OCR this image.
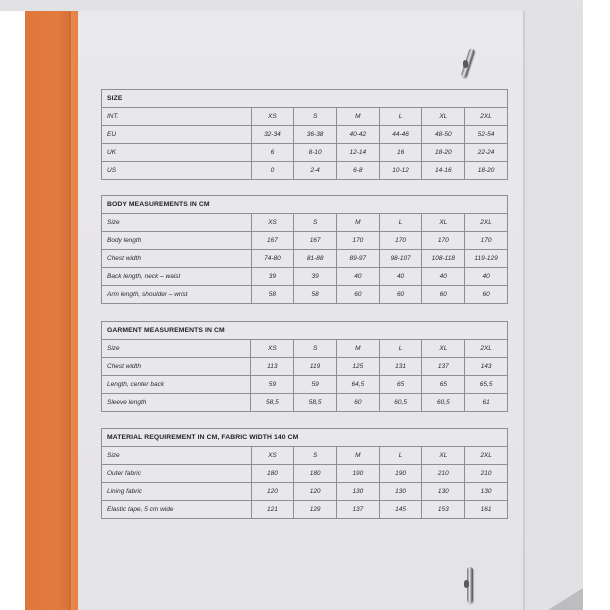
SIZE						
INT.	XS	S	M	L	XL	2XL
EU	32-34	36-38	40-42	44-46	48-50	52-54
UK	6	8-10	12-14	16	18-20	22-24
US	0	2-4	6-8	10-12	14-16	18-20
BODY MEASUREMENTS IN CM						
Size	XS	S	M	L	XL	2XL
Body length	167	167	170	170	170	170
Chest width	74-80	81-88	89-97	98-107	108-118	119-129
Back length, neck – waist	39	39	40	40	40	40
Arm length, shoulder – wrist	58	58	60	60	60	60
GARMENT MEASUREMENTS IN CM						
Size	XS	S	M	L	XL	2XL
Chest width	113	119	125	131	137	143
Length, center back	59	59	64,5	65	65	65,5
Sleeve length	58,5	58,5	60	60,5	60,5	61
MATERIAL REQUIREMENT IN CM, FABRIC WIDTH 140 CM						
Size	XS	S	M	L	XL	2XL
Outer fabric	180	180	190	190	210	210
Lining fabric	120	120	130	130	130	130
Elastic tape, 5 cm wide	121	129	137	145	153	161
